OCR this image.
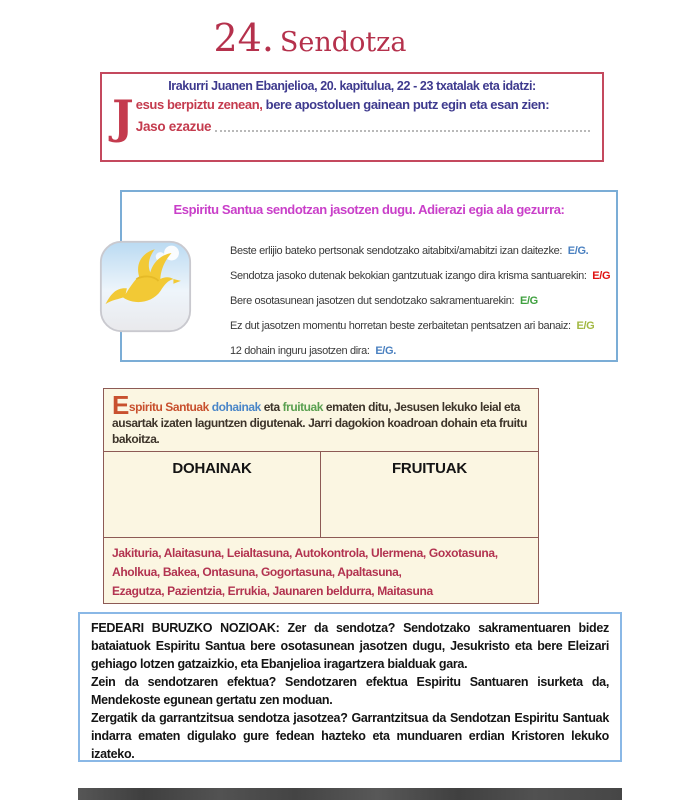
24. Sendotza
Irakurri Juanen Ebanjelioa, 20. kapitulua, 22 - 23 txatalak eta idatzi:
J esus berpiztu zenean, bere apostoluen gainean putz egin eta esan zien:
Jaso ezazue
Espiritu Santua sendotzan jasotzen dugu. Adierazi egia ala gezurra:
Beste erlijio bateko pertsonak sendotzako aitabitxi/amabitzi izan daitezke: E/G.
Sendotza jasoko dutenak bekokian gantzutuak izango dira krisma santuarekin: E/G
Bere osotasunean jasotzen dut sendotzako sakramentuarekin: E/G
Ez dut jasotzen momentu horretan beste zerbaitetan pentsatzen ari banaiz: E/G
12 dohain inguru jasotzen dira: E/G.
Espiritu Santuak dohainak eta fruituak ematen ditu, Jesusen lekuko leial eta ausartak izaten laguntzen digutenak. Jarri dagokion koadroan dohain eta fruitu bakoitza.
DOHAINAK	FRUITUAK
Jakituria, Alaitasuna, Leialtasuna, Autokontrola, Ulermena, Goxotasuna,
Aholkua, Bakea, Ontasuna, Gogortasuna, Apaltasuna,
Ezagutza, Pazientzia, Errukia, Jaunaren beldurra, Maitasuna

FEDEARI BURUZKO NOZIOAK: Zer da sendotza? Sendotzako sakramentuaren bidez bataiatuok Espiritu Santua bere osotasunean jasotzen dugu, Jesukristo eta bere Eleizari gehiago lotzen gatzaizkio, eta Ebanjelioa iragartzera bialduak gara.

Zein da sendotzaren efektua? Sendotzaren efektua Espiritu Santuaren isurketa da, Mendekoste egunean gertatu zen moduan.

Zergatik da garrantzitsua sendotza jasotzea? Garrantzitsua da Sendotzan Espiritu Santuak indarra ematen digulako gure fedean hazteko eta munduaren erdian Kristoren lekuko izateko.
